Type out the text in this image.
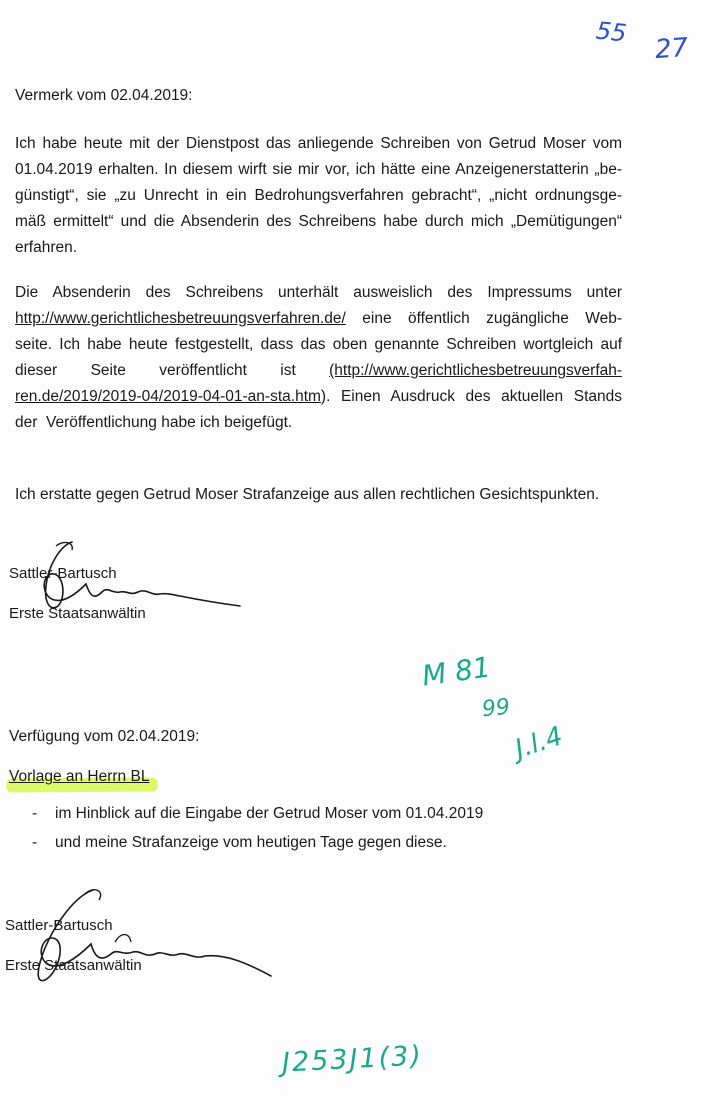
55
27
Vermerk vom 02.04.2019:
Ich habe heute mit der Dienstpost das anliegende Schreiben von Getrud Moser vom
01.04.2019 erhalten. In diesem wirft sie mir vor, ich hätte eine Anzeigenerstatterin „be-
günstigt“, sie „zu Unrecht in ein Bedrohungsverfahren gebracht“, „nicht ordnungsge-
mäß ermittelt“ und die Absenderin des Schreibens habe durch mich „Demütigungen“
erfahren.
Die Absenderin des Schreibens unterhält ausweislich des Impressums unter
http://www.gerichtlichesbetreuungsverfahren.de/ eine öffentlich zugängliche Web-
seite. Ich habe heute festgestellt, dass das oben genannte Schreiben wortgleich auf
dieser Seite veröffentlicht ist (http://www.gerichtlichesbetreuungsverfah-
ren.de/2019/2019-04/2019-04-01-an-sta.htm). Einen Ausdruck des aktuellen Stands
der  Veröffentlichung habe ich beigefügt.
Ich erstatte gegen Getrud Moser Strafanzeige aus allen rechtlichen Gesichtspunkten.
Sattler-Bartusch
Erste Staatsanwältin
M 81
99
J.l.4
Verfügung vom 02.04.2019:
Vorlage an Herrn BL
- im Hinblick auf die Eingabe der Getrud Moser vom 01.04.2019
- und meine Strafanzeige vom heutigen Tage gegen diese.
Sattler-Bartusch
Erste Staatsanwältin
J253J1(3)
